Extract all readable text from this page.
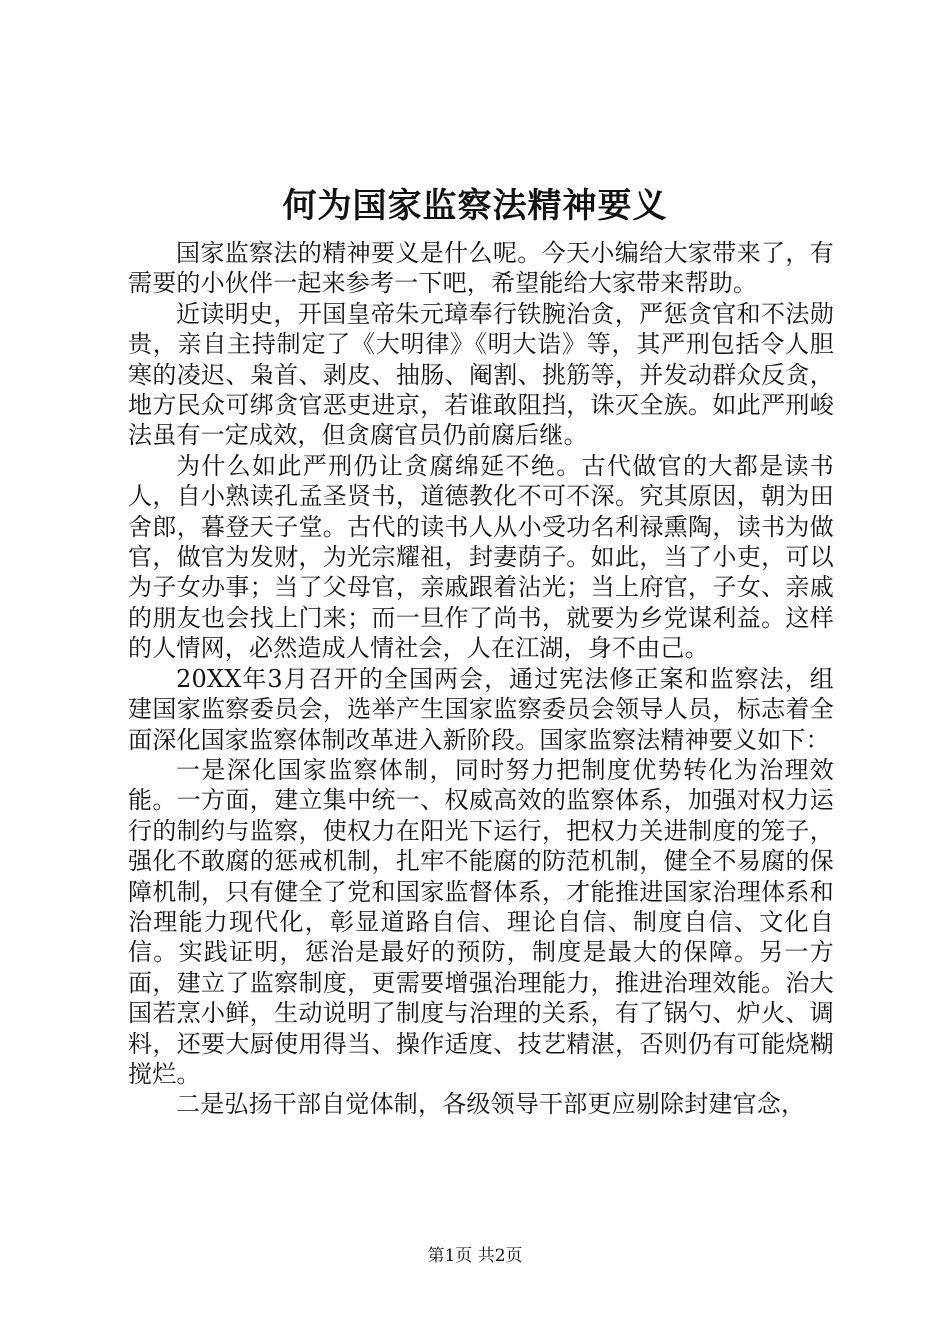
何为国家监察法精神要义

国家监察法的精神要义是什么呢。今天小编给大家带来了，有需要的小伙伴一起来参考一下吧，希望能给大家带来帮助。

近读明史，开国皇帝朱元璋奉行铁腕治贪，严惩贪官和不法勋贵，亲自主持制定了《大明律》《明大诰》等，其严刑包括令人胆寒的凌迟、枭首、剥皮、抽肠、阉割、挑筋等，并发动群众反贪，地方民众可绑贪官恶吏进京，若谁敢阻挡，诛灭全族。如此严刑峻法虽有一定成效，但贪腐官员仍前腐后继。

为什么如此严刑仍让贪腐绵延不绝。古代做官的大都是读书人，自小熟读孔孟圣贤书，道德教化不可不深。究其原因，朝为田舍郎，暮登天子堂。古代的读书人从小受功名利禄熏陶，读书为做官，做官为发财，为光宗耀祖，封妻荫子。如此，当了小吏，可以为子女办事；当了父母官，亲戚跟着沾光；当上府官，子女、亲戚的朋友也会找上门来；而一旦作了尚书，就要为乡党谋利益。这样的人情网，必然造成人情社会，人在江湖，身不由己。

20XX年3月召开的全国两会，通过宪法修正案和监察法，组建国家监察委员会，选举产生国家监察委员会领导人员，标志着全面深化国家监察体制改革进入新阶段。国家监察法精神要义如下：

一是深化国家监察体制，同时努力把制度优势转化为治理效能。一方面，建立集中统一、权威高效的监察体系，加强对权力运行的制约与监察，使权力在阳光下运行，把权力关进制度的笼子，强化不敢腐的惩戒机制，扎牢不能腐的防范机制，健全不易腐的保障机制，只有健全了党和国家监督体系，才能推进国家治理体系和治理能力现代化，彰显道路自信、理论自信、制度自信、文化自信。实践证明，惩治是最好的预防，制度是最大的保障。另一方面，建立了监察制度，更需要增强治理能力，推进治理效能。治大国若烹小鲜，生动说明了制度与治理的关系，有了锅勺、炉火、调料，还要大厨使用得当、操作适度、技艺精湛，否则仍有可能烧糊搅烂。

二是弘扬干部自觉体制，各级领导干部更应剔除封建官念，

第1页 共2页
